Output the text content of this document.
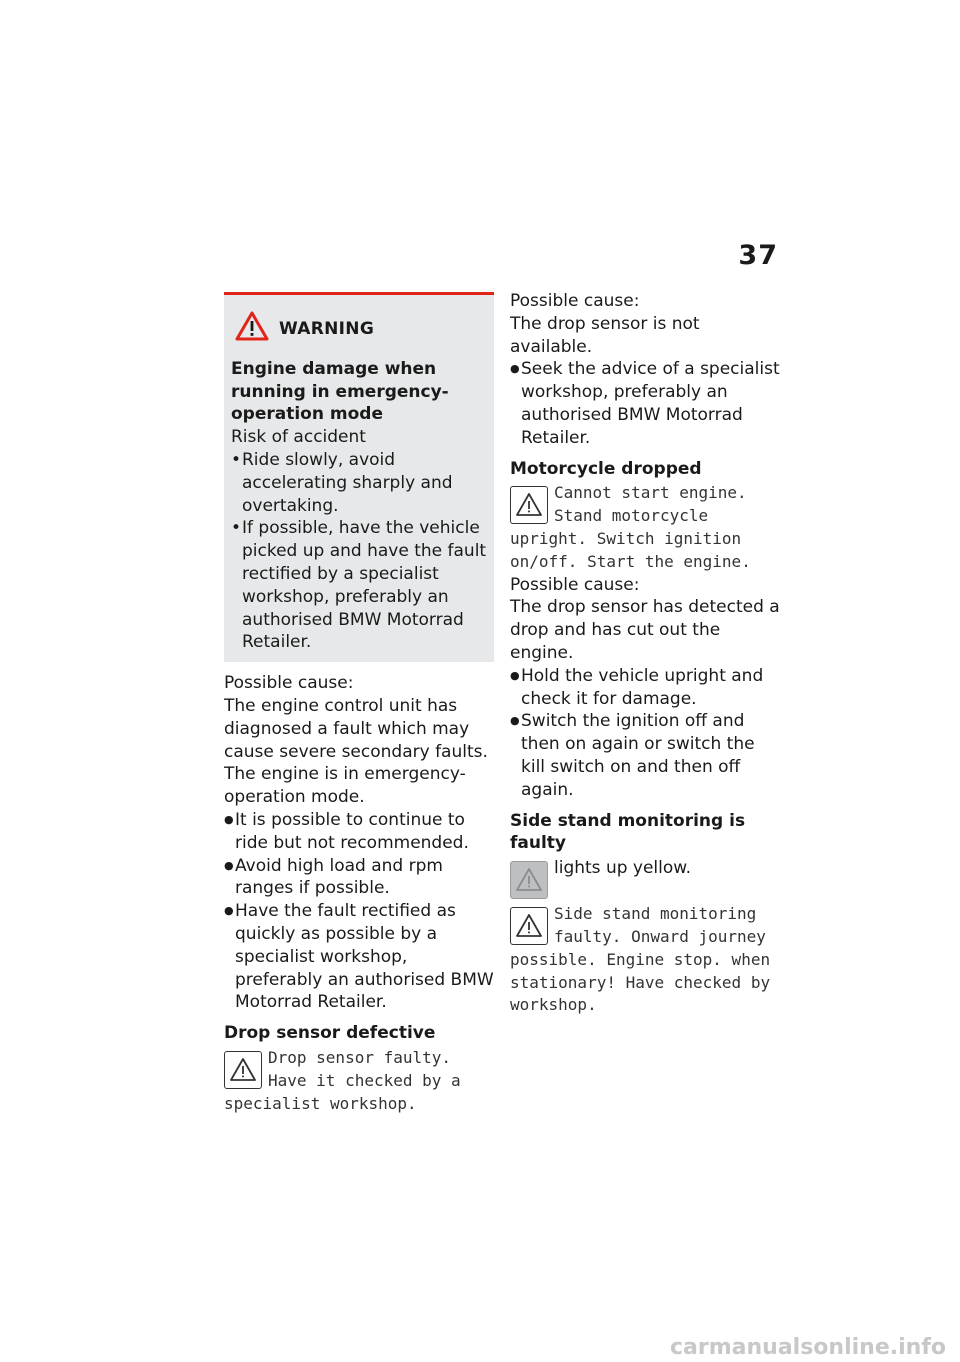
37
WARNING
Engine damage when running in emergency-operation mode
Risk of accident
• Ride slowly, avoid accelerating sharply and overtaking.
• If possible, have the vehicle picked up and have the fault rectified by a specialist workshop, preferably an authorised BMW Motorrad Retailer.
Possible cause:
The engine control unit has diagnosed a fault which may cause severe secondary faults. The engine is in emergency-operation mode.
● It is possible to continue to ride but not recommended.
● Avoid high load and rpm ranges if possible.
● Have the fault rectified as quickly as possible by a specialist workshop, preferably an authorised BMW Motorrad Retailer.
Drop sensor defective
Drop sensor faulty. Have it checked by a specialist workshop.
Possible cause:
The drop sensor is not available.
● Seek the advice of a specialist workshop, preferably an authorised BMW Motorrad Retailer.
Motorcycle dropped
Cannot start engine. Stand motorcycle upright. Switch ignition on/off. Start the engine.
Possible cause:
The drop sensor has detected a drop and has cut out the engine.
● Hold the vehicle upright and check it for damage.
● Switch the ignition off and then on again or switch the kill switch on and then off again.
Side stand monitoring is faulty
lights up yellow.
Side stand monitoring faulty. Onward journey possible. Engine stop. when stationary! Have checked by workshop.
carmanualsonline.info
